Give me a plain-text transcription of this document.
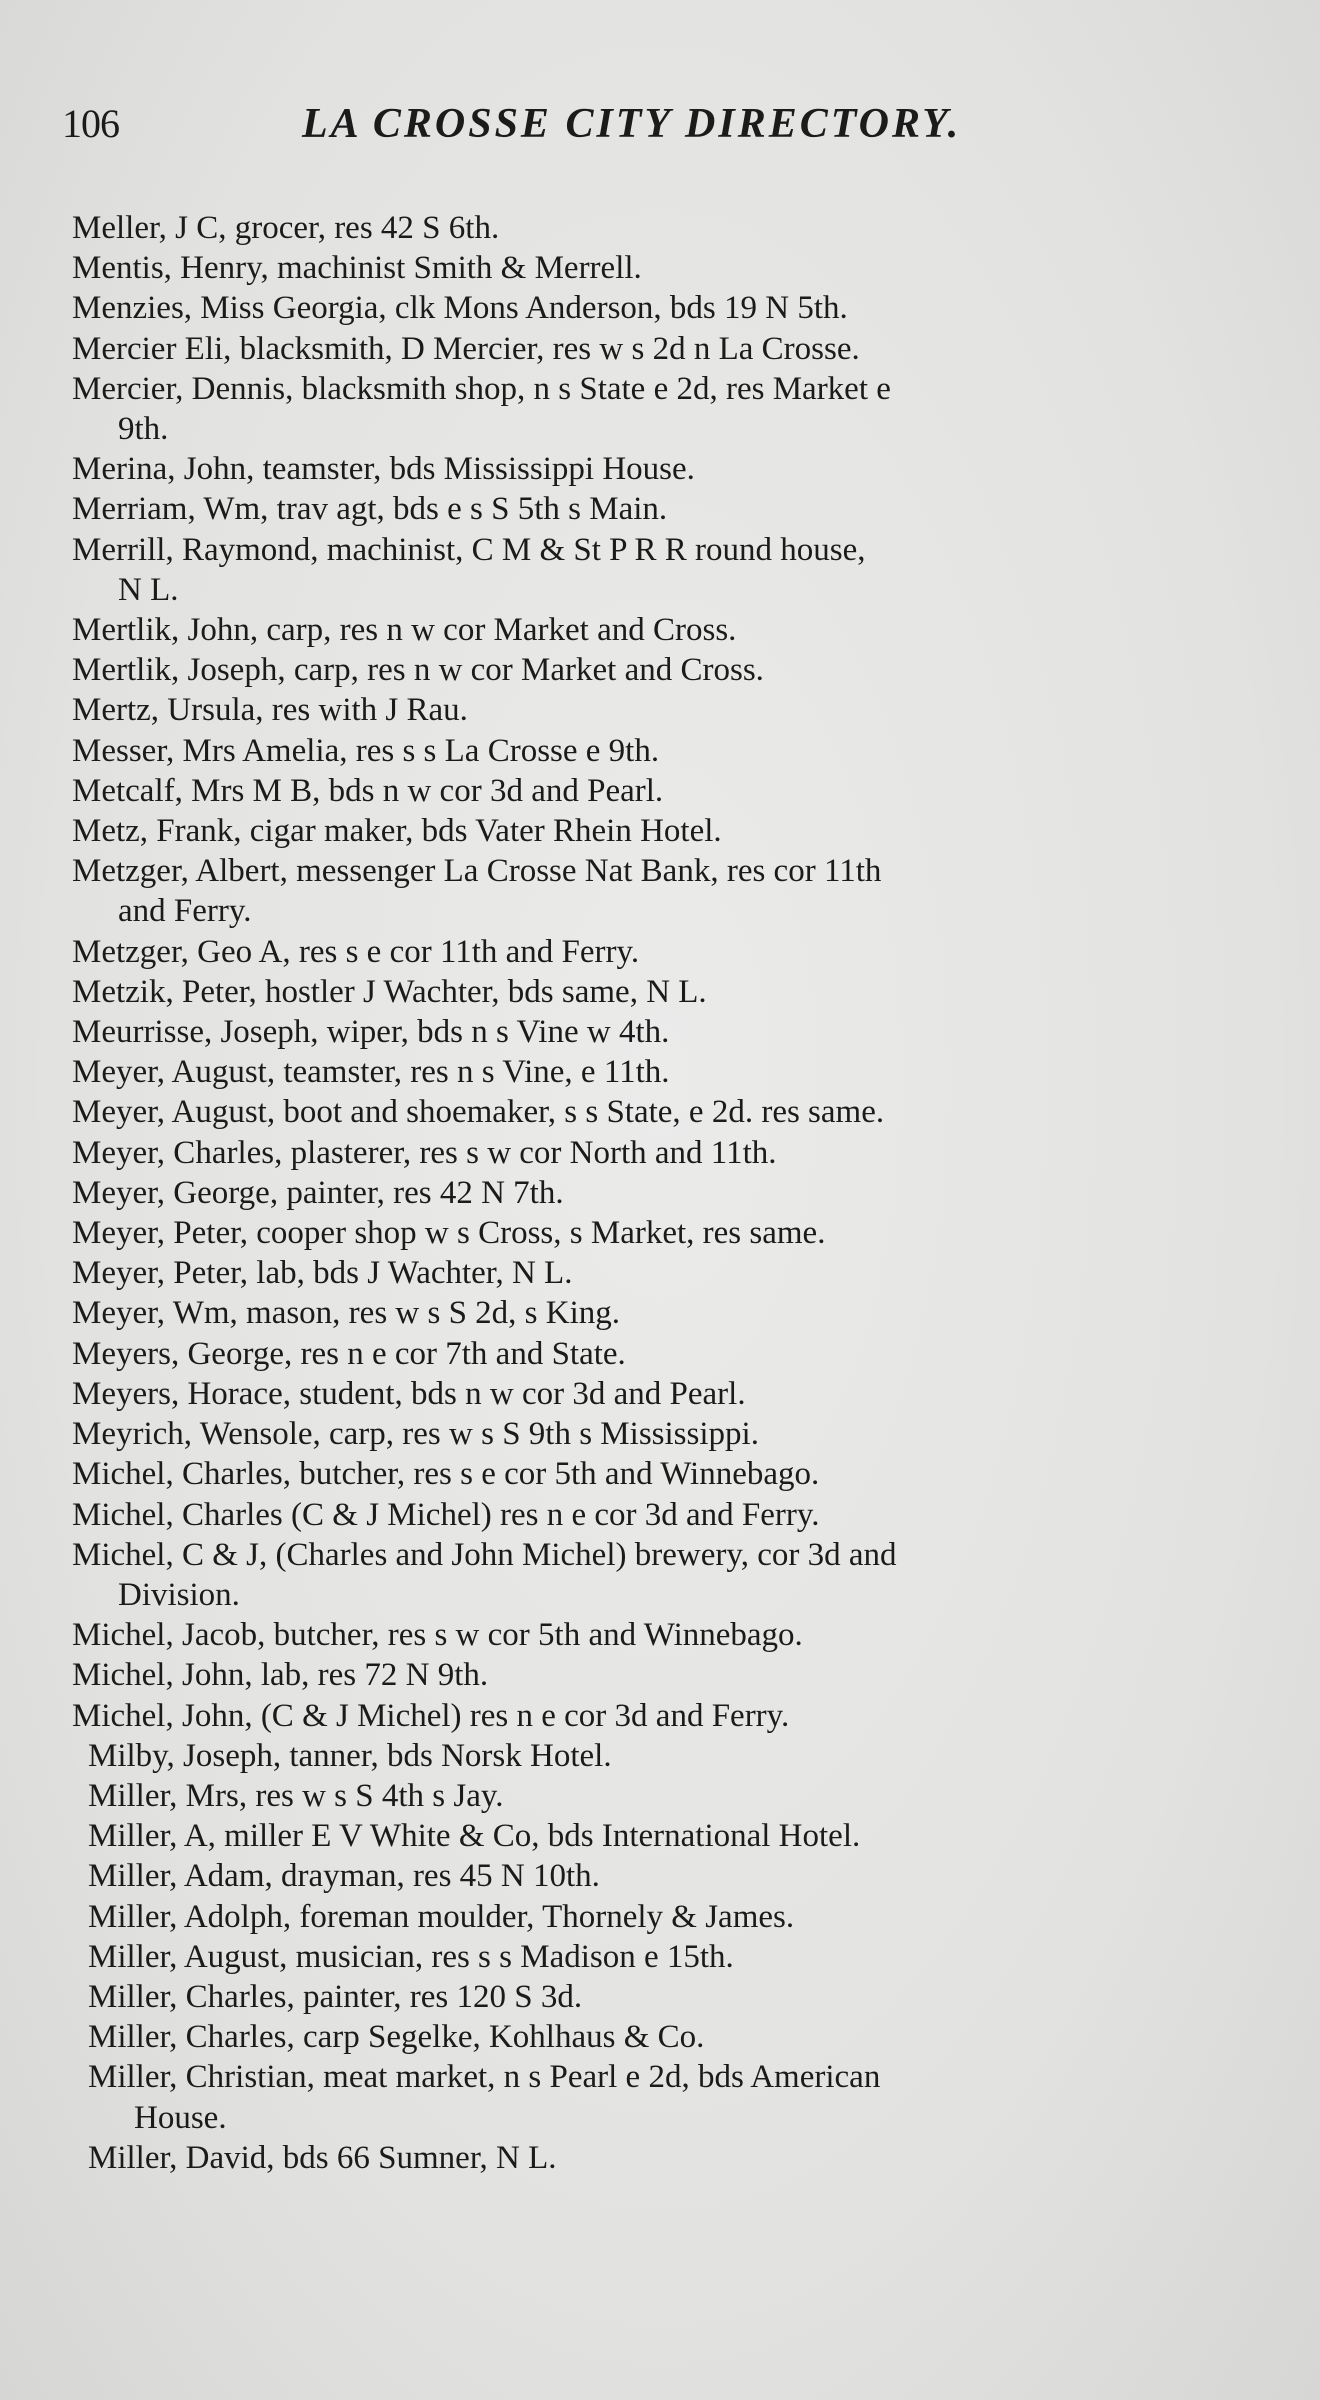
106	LA CROSSE CITY DIRECTORY.
Meller, J C, grocer, res 42 S 6th.
Mentis, Henry, machinist Smith & Merrell.
Menzies, Miss Georgia, clk Mons Anderson, bds 19 N 5th.
Mercier Eli, blacksmith, D Mercier, res w s 2d n La Crosse.
Mercier, Dennis, blacksmith shop, n s State e 2d, res Market e
9th.
Merina, John, teamster, bds Mississippi House.
Merriam, Wm, trav agt, bds e s S 5th s Main.
Merrill, Raymond, machinist, C M & St P R R round house,
N L.
Mertlik, John, carp, res n w cor Market and Cross.
Mertlik, Joseph, carp, res n w cor Market and Cross.
Mertz, Ursula, res with J Rau.
Messer, Mrs Amelia, res s s La Crosse e 9th.
Metcalf, Mrs M B, bds n w cor 3d and Pearl.
Metz, Frank, cigar maker, bds Vater Rhein Hotel.
Metzger, Albert, messenger La Crosse Nat Bank, res cor 11th
and Ferry.
Metzger, Geo A, res s e cor 11th and Ferry.
Metzik, Peter, hostler J Wachter, bds same, N L.
Meurrisse, Joseph, wiper, bds n s Vine w 4th.
Meyer, August, teamster, res n s Vine, e 11th.
Meyer, August, boot and shoemaker, s s State, e 2d. res same.
Meyer, Charles, plasterer, res s w cor North and 11th.
Meyer, George, painter, res 42 N 7th.
Meyer, Peter, cooper shop w s Cross, s Market, res same.
Meyer, Peter, lab, bds J Wachter, N L.
Meyer, Wm, mason, res w s S 2d, s King.
Meyers, George, res n e cor 7th and State.
Meyers, Horace, student, bds n w cor 3d and Pearl.
Meyrich, Wensole, carp, res w s S 9th s Mississippi.
Michel, Charles, butcher, res s e cor 5th and Winnebago.
Michel, Charles (C & J Michel) res n e cor 3d and Ferry.
Michel, C & J, (Charles and John Michel) brewery, cor 3d and
Division.
Michel, Jacob, butcher, res s w cor 5th and Winnebago.
Michel, John, lab, res 72 N 9th.
Michel, John, (C & J Michel) res n e cor 3d and Ferry.
Milby, Joseph, tanner, bds Norsk Hotel.
Miller, Mrs, res w s S 4th s Jay.
Miller, A, miller E V White & Co, bds International Hotel.
Miller, Adam, drayman, res 45 N 10th.
Miller, Adolph, foreman moulder, Thornely & James.
Miller, August, musician, res s s Madison e 15th.
Miller, Charles, painter, res 120 S 3d.
Miller, Charles, carp Segelke, Kohlhaus & Co.
Miller, Christian, meat market, n s Pearl e 2d, bds American
House.
Miller, David, bds 66 Sumner, N L.
